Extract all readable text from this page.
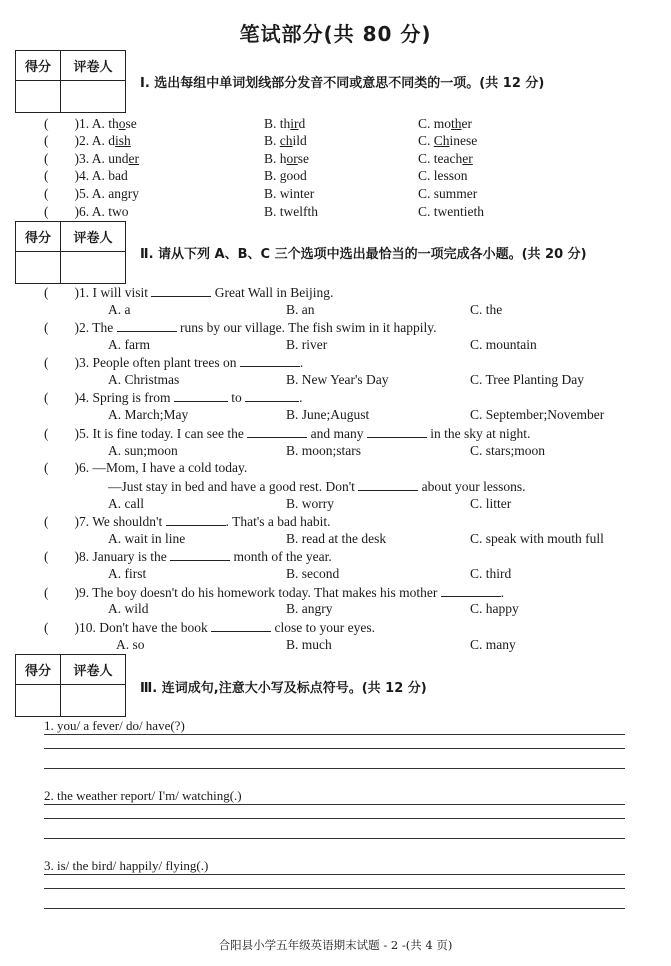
笔试部分(共 80 分)
得分	评卷人

Ⅰ. 选出每组中单词划线部分发音不同或意思不同类的一项。(共 12 分)
( )1. A. those	B. third	C. mother
( )2. A. dish	B. child	C. Chinese
( )3. A. under	B. horse	C. teacher
( )4. A. bad	B. good	C. lesson
( )5. A. angry	B. winter	C. summer
( )6. A. two	B. twelfth	C. twentieth
得分	评卷人

Ⅱ. 请从下列 A、B、C 三个选项中选出最恰当的一项完成各小题。(共 20 分)
( )1. I will visit	Great Wall in Beijing.
A. a	B. an	C. the
( )2. The	runs by our village. The fish swim in it happily.
A. farm	B. river	C. mountain
( )3. People often plant trees on	.
A. Christmas	B. New Year's Day	C. Tree Planting Day
( )4. Spring is from	to	.
A. March;May	B. June;August	C. September;November
( )5. It is fine today. I can see the	and many	in the sky at night.
A. sun;moon	B. moon;stars	C. stars;moon
( )6. —Mom, I have a cold today.
—Just stay in bed and have a good rest. Don't	about your lessons.
A. call	B. worry	C. litter
( )7. We shouldn't	. That's a bad habit.
A. wait in line	B. read at the desk	C. speak with mouth full
( )8. January is the	month of the year.
A. first	B. second	C. third
( )9. The boy doesn't do his homework today. That makes his mother	.
A. wild	B. angry	C. happy
( )10. Don't have the book	close to your eyes.
A. so	B. much	C. many
得分	评卷人

Ⅲ. 连词成句,注意大小写及标点符号。(共 12 分)
1. you/ a fever/ do/ have(?)
2. the weather report/ I'm/ watching(.)
3. is/ the bird/ happily/ flying(.)
合阳县小学五年级英语期末试题 - 2 -(共 4 页)
